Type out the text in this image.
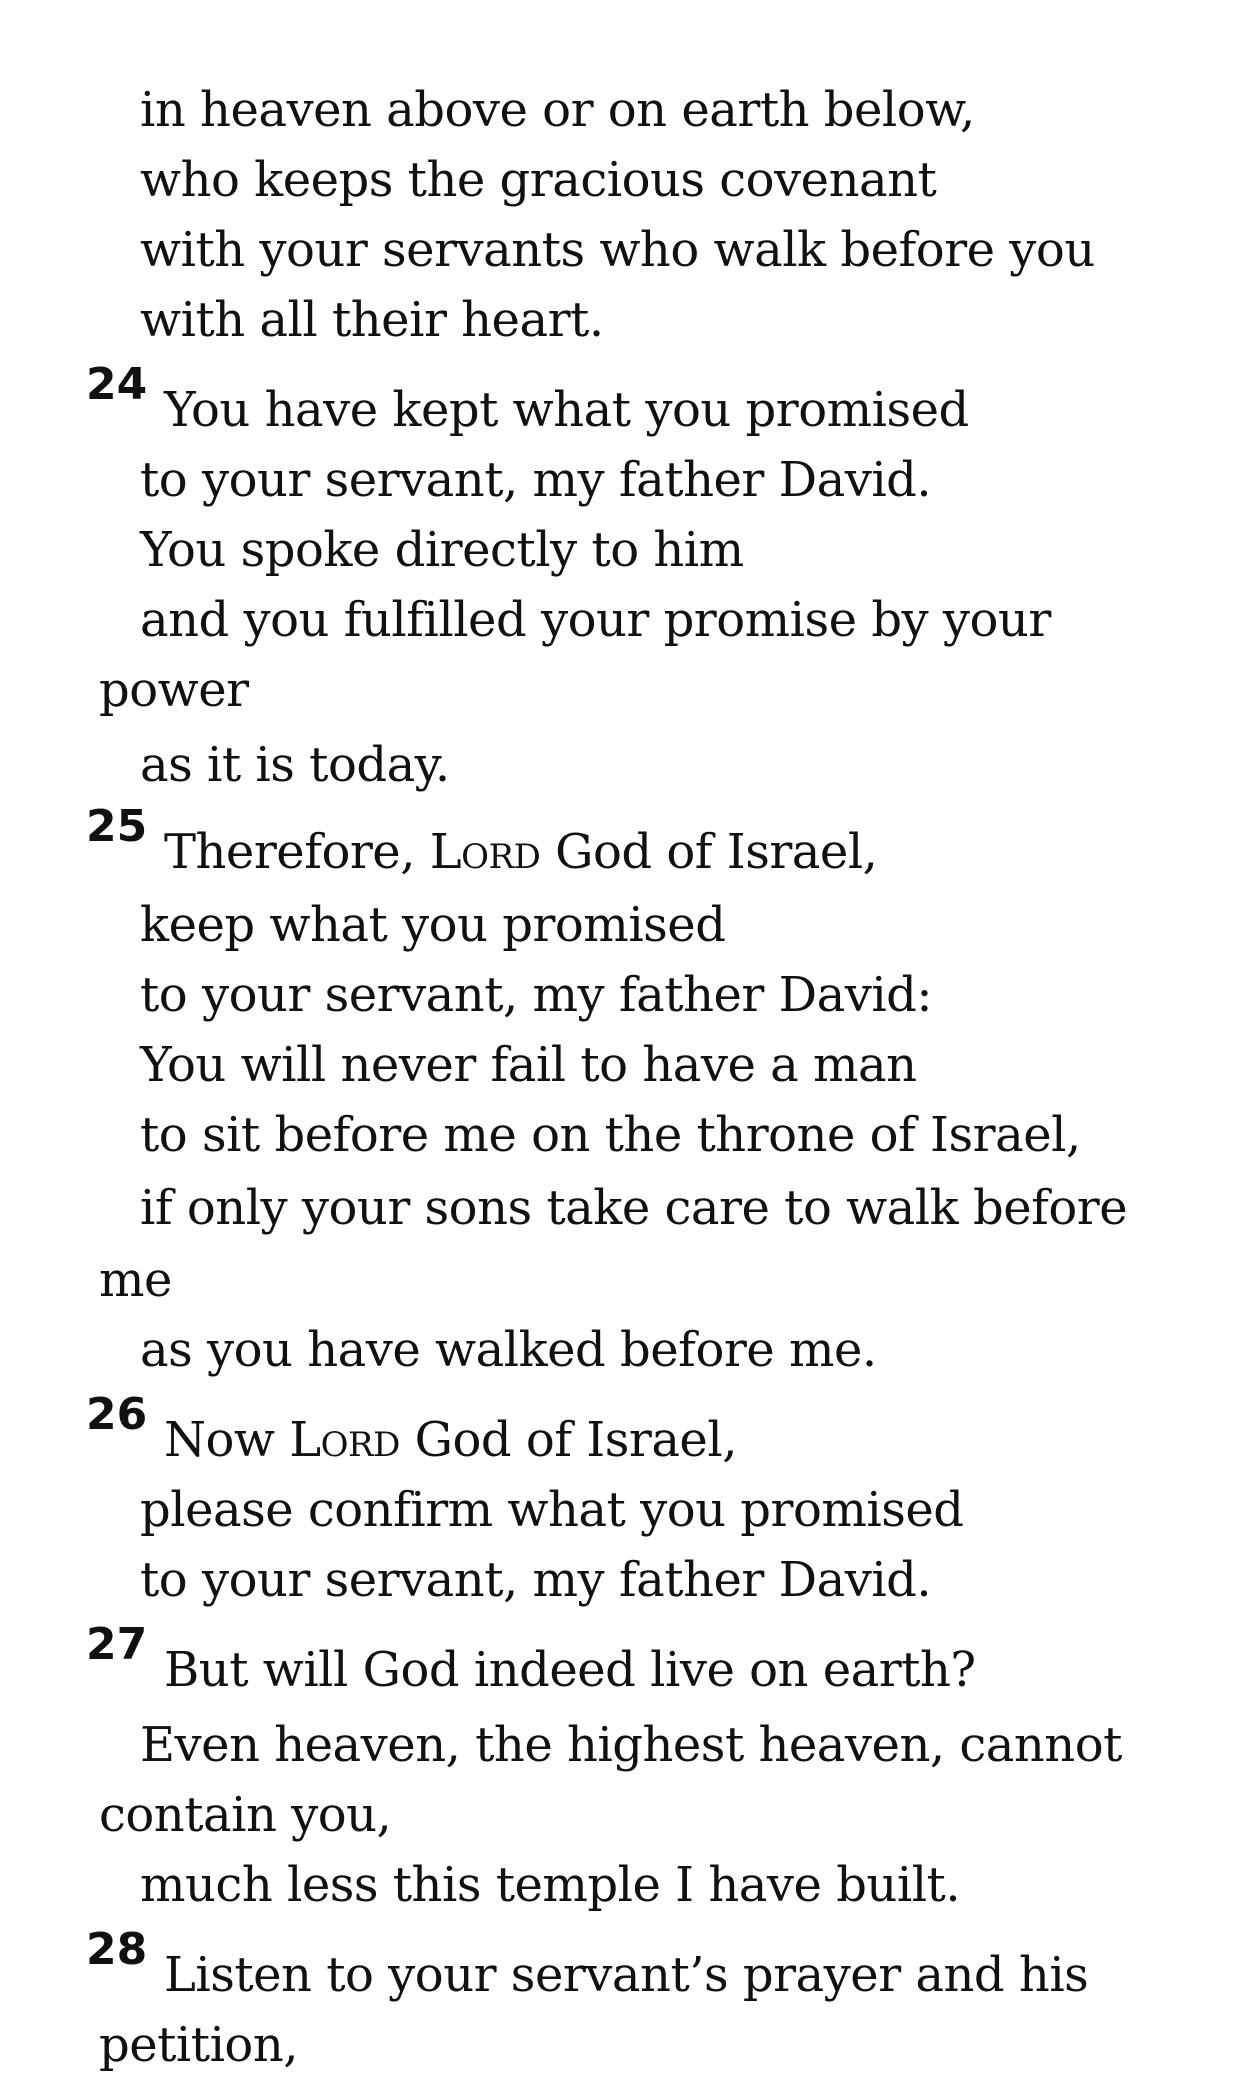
in heaven above or on earth below,
who keeps the gracious covenant
with your servants who walk before you
with all their heart.
24 You have kept what you promised
to your servant, my father David.
You spoke directly to him
and you fulfilled your promise by your
power
as it is today.
25 Therefore, Lord God of Israel,
keep what you promised
to your servant, my father David:
You will never fail to have a man
to sit before me on the throne of Israel,
if only your sons take care to walk before
me
as you have walked before me.
26 Now Lord God of Israel,
please confirm what you promised
to your servant, my father David.
27 But will God indeed live on earth?
Even heaven, the highest heaven, cannot
contain you,
much less this temple I have built.
28 Listen to your servant’s prayer and his
petition,
